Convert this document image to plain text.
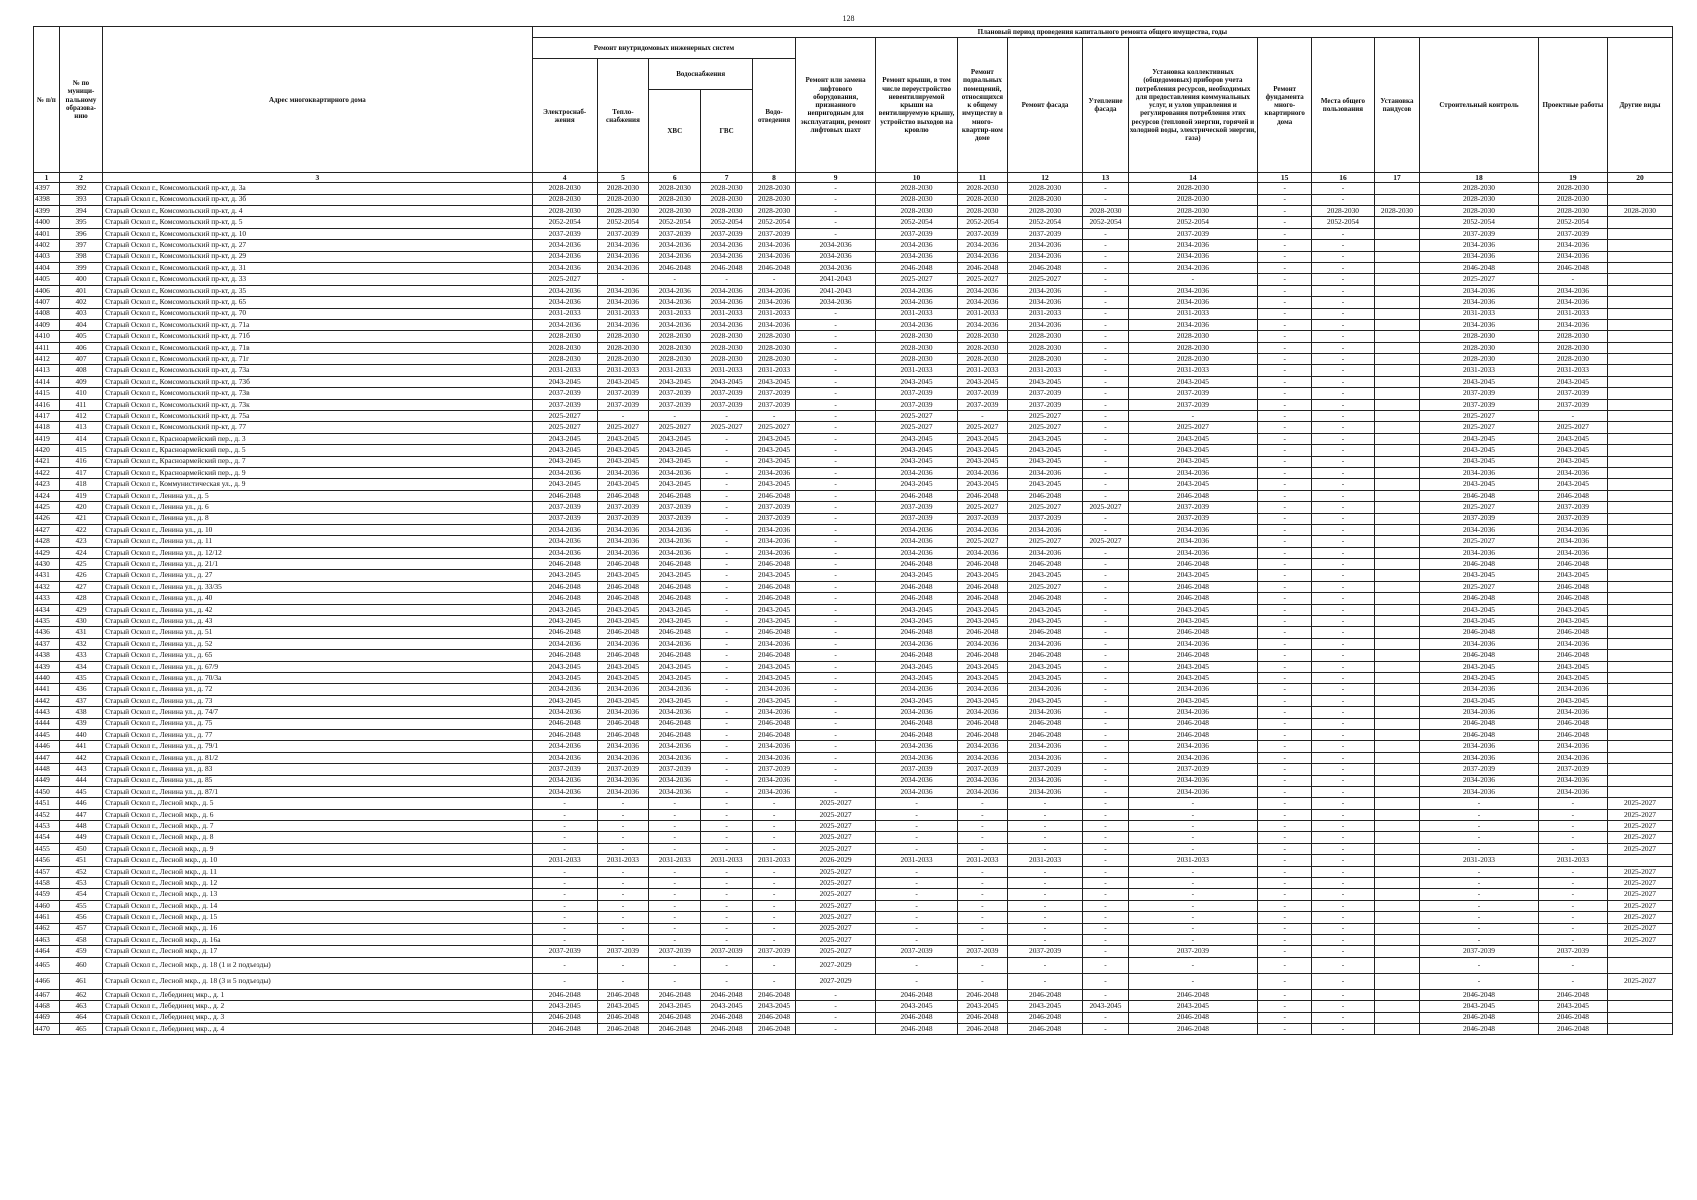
128
№ п/п	№ по муници-пальному образова-нию	Адрес многоквартирного дома	Плановый период проведения капитального ремонта общего имущества, годы																
			Ремонт внутридомовых инженерных систем					Ремонт или замена лифтового оборудования, признанного непригодным для эксплуатации, ремонт лифтовых шахт	Ремонт крыши, в том числе переустройство невентилируемой крыши на вентилируемую крышу, устройство выходов на кровлю	Ремонт подвальных помещений, относящихся к общему имуществу в много-квартир-ном доме	Ремонт фасада	Утепление фасада	Установка коллективных (общедомовых) приборов учета потребления ресурсов, необходимых для предоставления коммунальных услуг, и узлов управления и регулирования потребления этих ресурсов (тепловой энергии, горячей и холодной воды, электрической энергии, газа)	Ремонт фундамента много-квартирного дома	Места общего пользования	Установка пандусов	Строительный контроль	Проектные работы	Другие виды
			Электроснаб-жения	Тепло-снабжения	Водоснабжения		Водо-отведения												
					ХВС	ГВС													
1	2	3	4	5	6	7	8	9	10	11	12	13	14	15	16	17	18	19	20
4397	392	Старый Оскол г., Комсомольский пр-кт, д. 3а	2028-2030	2028-2030	2028-2030	2028-2030	2028-2030	-	2028-2030	2028-2030	2028-2030	-	2028-2030	-	-		2028-2030	2028-2030	
4398	393	Старый Оскол г., Комсомольский пр-кт, д. 3б	2028-2030	2028-2030	2028-2030	2028-2030	2028-2030	-	2028-2030	2028-2030	2028-2030	-	2028-2030	-	-		2028-2030	2028-2030	
4399	394	Старый Оскол г., Комсомольский пр-кт, д. 4	2028-2030	2028-2030	2028-2030	2028-2030	2028-2030	-	2028-2030	2028-2030	2028-2030	2028-2030	2028-2030	-	2028-2030	2028-2030	2028-2030	2028-2030	2028-2030
4400	395	Старый Оскол г., Комсомольский пр-кт, д. 5	2052-2054	2052-2054	2052-2054	2052-2054	2052-2054	-	2052-2054	2052-2054	2052-2054	2052-2054	2052-2054	-	2052-2054		2052-2054	2052-2054	
4401	396	Старый Оскол г., Комсомольский пр-кт, д. 10	2037-2039	2037-2039	2037-2039	2037-2039	2037-2039	-	2037-2039	2037-2039	2037-2039	-	2037-2039	-	-		2037-2039	2037-2039	
4402	397	Старый Оскол г., Комсомольский пр-кт, д. 27	2034-2036	2034-2036	2034-2036	2034-2036	2034-2036	2034-2036	2034-2036	2034-2036	2034-2036	-	2034-2036	-	-		2034-2036	2034-2036	
4403	398	Старый Оскол г., Комсомольский пр-кт, д. 29	2034-2036	2034-2036	2034-2036	2034-2036	2034-2036	2034-2036	2034-2036	2034-2036	2034-2036	-	2034-2036	-	-		2034-2036	2034-2036	
4404	399	Старый Оскол г., Комсомольский пр-кт, д. 31	2034-2036	2034-2036	2046-2048	2046-2048	2046-2048	2034-2036	2046-2048	2046-2048	2046-2048	-	2034-2036	-	-		2046-2048	2046-2048	
4405	400	Старый Оскол г., Комсомольский пр-кт, д. 33	2025-2027	-	-	-	-	2041-2043	2025-2027	2025-2027	2025-2027	-	-	-	-		2025-2027	-	
4406	401	Старый Оскол г., Комсомольский пр-кт, д. 35	2034-2036	2034-2036	2034-2036	2034-2036	2034-2036	2041-2043	2034-2036	2034-2036	2034-2036	-	2034-2036	-	-		2034-2036	2034-2036	
4407	402	Старый Оскол г., Комсомольский пр-кт, д. 65	2034-2036	2034-2036	2034-2036	2034-2036	2034-2036	2034-2036	2034-2036	2034-2036	2034-2036	-	2034-2036	-	-		2034-2036	2034-2036	
4408	403	Старый Оскол г., Комсомольский пр-кт, д. 70	2031-2033	2031-2033	2031-2033	2031-2033	2031-2033	-	2031-2033	2031-2033	2031-2033	-	2031-2033	-	-		2031-2033	2031-2033	
4409	404	Старый Оскол г., Комсомольский пр-кт, д. 71а	2034-2036	2034-2036	2034-2036	2034-2036	2034-2036	-	2034-2036	2034-2036	2034-2036	-	2034-2036	-	-		2034-2036	2034-2036	
4410	405	Старый Оскол г., Комсомольский пр-кт, д. 71б	2028-2030	2028-2030	2028-2030	2028-2030	2028-2030	-	2028-2030	2028-2030	2028-2030	-	2028-2030	-	-		2028-2030	2028-2030	
4411	406	Старый Оскол г., Комсомольский пр-кт, д. 71в	2028-2030	2028-2030	2028-2030	2028-2030	2028-2030	-	2028-2030	2028-2030	2028-2030	-	2028-2030	-	-		2028-2030	2028-2030	
4412	407	Старый Оскол г., Комсомольский пр-кт, д. 71г	2028-2030	2028-2030	2028-2030	2028-2030	2028-2030	-	2028-2030	2028-2030	2028-2030	-	2028-2030	-	-		2028-2030	2028-2030	
4413	408	Старый Оскол г., Комсомольский пр-кт, д. 73а	2031-2033	2031-2033	2031-2033	2031-2033	2031-2033	-	2031-2033	2031-2033	2031-2033	-	2031-2033	-	-		2031-2033	2031-2033	
4414	409	Старый Оскол г., Комсомольский пр-кт, д. 73б	2043-2045	2043-2045	2043-2045	2043-2045	2043-2045	-	2043-2045	2043-2045	2043-2045	-	2043-2045	-	-		2043-2045	2043-2045	
4415	410	Старый Оскол г., Комсомольский пр-кт, д. 73в	2037-2039	2037-2039	2037-2039	2037-2039	2037-2039	-	2037-2039	2037-2039	2037-2039	-	2037-2039	-	-		2037-2039	2037-2039	
4416	411	Старый Оскол г., Комсомольский пр-кт, д. 73к	2037-2039	2037-2039	2037-2039	2037-2039	2037-2039	-	2037-2039	2037-2039	2037-2039	-	2037-2039	-	-		2037-2039	2037-2039	
4417	412	Старый Оскол г., Комсомольский пр-кт, д. 75а	2025-2027	-	-	-	-	-	2025-2027	-	2025-2027	-	-	-	-		2025-2027	-	
4418	413	Старый Оскол г., Комсомольский пр-кт, д. 77	2025-2027	2025-2027	2025-2027	2025-2027	2025-2027	-	2025-2027	2025-2027	2025-2027	-	2025-2027	-	-		2025-2027	2025-2027	
4419	414	Старый Оскол г., Красноармейский пер., д. 3	2043-2045	2043-2045	2043-2045	-	2043-2045	-	2043-2045	2043-2045	2043-2045	-	2043-2045	-	-		2043-2045	2043-2045	
4420	415	Старый Оскол г., Красноармейский пер., д. 5	2043-2045	2043-2045	2043-2045	-	2043-2045	-	2043-2045	2043-2045	2043-2045	-	2043-2045	-	-		2043-2045	2043-2045	
4421	416	Старый Оскол г., Красноармейский пер., д. 7	2043-2045	2043-2045	2043-2045	-	2043-2045	-	2043-2045	2043-2045	2043-2045	-	2043-2045	-	-		2043-2045	2043-2045	
4422	417	Старый Оскол г., Красноармейский пер., д. 9	2034-2036	2034-2036	2034-2036	-	2034-2036	-	2034-2036	2034-2036	2034-2036	-	2034-2036	-	-		2034-2036	2034-2036	
4423	418	Старый Оскол г., Коммунистическая ул., д. 9	2043-2045	2043-2045	2043-2045	-	2043-2045	-	2043-2045	2043-2045	2043-2045	-	2043-2045	-	-		2043-2045	2043-2045	
4424	419	Старый Оскол г., Ленина ул., д. 5	2046-2048	2046-2048	2046-2048	-	2046-2048	-	2046-2048	2046-2048	2046-2048	-	2046-2048	-	-		2046-2048	2046-2048	
4425	420	Старый Оскол г., Ленина ул., д. 6	2037-2039	2037-2039	2037-2039	-	2037-2039	-	2037-2039	2025-2027	2025-2027	2025-2027	2037-2039	-	-		2025-2027	2037-2039	
4426	421	Старый Оскол г., Ленина ул., д. 8	2037-2039	2037-2039	2037-2039	-	2037-2039	-	2037-2039	2037-2039	2037-2039	-	2037-2039	-	-		2037-2039	2037-2039	
4427	422	Старый Оскол г., Ленина ул., д. 10	2034-2036	2034-2036	2034-2036	-	2034-2036	-	2034-2036	2034-2036	2034-2036	-	2034-2036	-	-		2034-2036	2034-2036	
4428	423	Старый Оскол г., Ленина ул., д. 11	2034-2036	2034-2036	2034-2036	-	2034-2036	-	2034-2036	2025-2027	2025-2027	2025-2027	2034-2036	-	-		2025-2027	2034-2036	
4429	424	Старый Оскол г., Ленина ул., д. 12/12	2034-2036	2034-2036	2034-2036	-	2034-2036	-	2034-2036	2034-2036	2034-2036	-	2034-2036	-	-		2034-2036	2034-2036	
4430	425	Старый Оскол г., Ленина ул., д. 21/1	2046-2048	2046-2048	2046-2048	-	2046-2048	-	2046-2048	2046-2048	2046-2048	-	2046-2048	-	-		2046-2048	2046-2048	
4431	426	Старый Оскол г., Ленина ул., д. 27	2043-2045	2043-2045	2043-2045	-	2043-2045	-	2043-2045	2043-2045	2043-2045	-	2043-2045	-	-		2043-2045	2043-2045	
4432	427	Старый Оскол г., Ленина ул., д. 33/35	2046-2048	2046-2048	2046-2048	-	2046-2048	-	2046-2048	2046-2048	2025-2027	-	2046-2048	-	-		2025-2027	2046-2048	
4433	428	Старый Оскол г., Ленина ул., д. 40	2046-2048	2046-2048	2046-2048	-	2046-2048	-	2046-2048	2046-2048	2046-2048	-	2046-2048	-	-		2046-2048	2046-2048	
4434	429	Старый Оскол г., Ленина ул., д. 42	2043-2045	2043-2045	2043-2045	-	2043-2045	-	2043-2045	2043-2045	2043-2045	-	2043-2045	-	-		2043-2045	2043-2045	
4435	430	Старый Оскол г., Ленина ул., д. 43	2043-2045	2043-2045	2043-2045	-	2043-2045	-	2043-2045	2043-2045	2043-2045	-	2043-2045	-	-		2043-2045	2043-2045	
4436	431	Старый Оскол г., Ленина ул., д. 51	2046-2048	2046-2048	2046-2048	-	2046-2048	-	2046-2048	2046-2048	2046-2048	-	2046-2048	-	-		2046-2048	2046-2048	
4437	432	Старый Оскол г., Ленина ул., д. 52	2034-2036	2034-2036	2034-2036	-	2034-2036	-	2034-2036	2034-2036	2034-2036	-	2034-2036	-	-		2034-2036	2034-2036	
4438	433	Старый Оскол г., Ленина ул., д. 65	2046-2048	2046-2048	2046-2048	-	2046-2048	-	2046-2048	2046-2048	2046-2048	-	2046-2048	-	-		2046-2048	2046-2048	
4439	434	Старый Оскол г., Ленина ул., д. 67/9	2043-2045	2043-2045	2043-2045	-	2043-2045	-	2043-2045	2043-2045	2043-2045	-	2043-2045	-	-		2043-2045	2043-2045	
4440	435	Старый Оскол г., Ленина ул., д. 70/3а	2043-2045	2043-2045	2043-2045	-	2043-2045	-	2043-2045	2043-2045	2043-2045	-	2043-2045	-	-		2043-2045	2043-2045	
4441	436	Старый Оскол г., Ленина ул., д. 72	2034-2036	2034-2036	2034-2036	-	2034-2036	-	2034-2036	2034-2036	2034-2036	-	2034-2036	-	-		2034-2036	2034-2036	
4442	437	Старый Оскол г., Ленина ул., д. 73	2043-2045	2043-2045	2043-2045	-	2043-2045	-	2043-2045	2043-2045	2043-2045	-	2043-2045	-	-		2043-2045	2043-2045	
4443	438	Старый Оскол г., Ленина ул., д. 74/7	2034-2036	2034-2036	2034-2036	-	2034-2036	-	2034-2036	2034-2036	2034-2036	-	2034-2036	-	-		2034-2036	2034-2036	
4444	439	Старый Оскол г., Ленина ул., д. 75	2046-2048	2046-2048	2046-2048	-	2046-2048	-	2046-2048	2046-2048	2046-2048	-	2046-2048	-	-		2046-2048	2046-2048	
4445	440	Старый Оскол г., Ленина ул., д. 77	2046-2048	2046-2048	2046-2048	-	2046-2048	-	2046-2048	2046-2048	2046-2048	-	2046-2048	-	-		2046-2048	2046-2048	
4446	441	Старый Оскол г., Ленина ул., д. 79/1	2034-2036	2034-2036	2034-2036	-	2034-2036	-	2034-2036	2034-2036	2034-2036	-	2034-2036	-	-		2034-2036	2034-2036	
4447	442	Старый Оскол г., Ленина ул., д. 81/2	2034-2036	2034-2036	2034-2036	-	2034-2036	-	2034-2036	2034-2036	2034-2036	-	2034-2036	-	-		2034-2036	2034-2036	
4448	443	Старый Оскол г., Ленина ул., д. 83	2037-2039	2037-2039	2037-2039	-	2037-2039	-	2037-2039	2037-2039	2037-2039	-	2037-2039	-	-		2037-2039	2037-2039	
4449	444	Старый Оскол г., Ленина ул., д. 85	2034-2036	2034-2036	2034-2036	-	2034-2036	-	2034-2036	2034-2036	2034-2036	-	2034-2036	-	-		2034-2036	2034-2036	
4450	445	Старый Оскол г., Ленина ул., д. 87/1	2034-2036	2034-2036	2034-2036	-	2034-2036	-	2034-2036	2034-2036	2034-2036	-	2034-2036	-	-		2034-2036	2034-2036	
4451	446	Старый Оскол г., Лесной мкр., д. 5	-	-	-	-	-	2025-2027	-	-	-	-	-	-	-		-	-	2025-2027
4452	447	Старый Оскол г., Лесной мкр., д. 6	-	-	-	-	-	2025-2027	-	-	-	-	-	-	-		-	-	2025-2027
4453	448	Старый Оскол г., Лесной мкр., д. 7	-	-	-	-	-	2025-2027	-	-	-	-	-	-	-		-	-	2025-2027
4454	449	Старый Оскол г., Лесной мкр., д. 8	-	-	-	-	-	2025-2027	-	-	-	-	-	-	-		-	-	2025-2027
4455	450	Старый Оскол г., Лесной мкр., д. 9	-	-	-	-	-	2025-2027	-	-	-	-	-	-	-		-	-	2025-2027
4456	451	Старый Оскол г., Лесной мкр., д. 10	2031-2033	2031-2033	2031-2033	2031-2033	2031-2033	2026-2029	2031-2033	2031-2033	2031-2033	-	2031-2033	-	-		2031-2033	2031-2033	
4457	452	Старый Оскол г., Лесной мкр., д. 11	-	-	-	-	-	2025-2027	-	-	-	-	-	-	-		-	-	2025-2027
4458	453	Старый Оскол г., Лесной мкр., д. 12	-	-	-	-	-	2025-2027	-	-	-	-	-	-	-		-	-	2025-2027
4459	454	Старый Оскол г., Лесной мкр., д. 13	-	-	-	-	-	2025-2027	-	-	-	-	-	-	-		-	-	2025-2027
4460	455	Старый Оскол г., Лесной мкр., д. 14	-	-	-	-	-	2025-2027	-	-	-	-	-	-	-		-	-	2025-2027
4461	456	Старый Оскол г., Лесной мкр., д. 15	-	-	-	-	-	2025-2027	-	-	-	-	-	-	-		-	-	2025-2027
4462	457	Старый Оскол г., Лесной мкр., д. 16	-	-	-	-	-	2025-2027	-	-	-	-	-	-	-		-	-	2025-2027
4463	458	Старый Оскол г., Лесной мкр., д. 16а	-	-	-	-	-	2025-2027	-	-	-	-	-	-	-		-	-	2025-2027
4464	459	Старый Оскол г., Лесной мкр., д. 17	2037-2039	2037-2039	2037-2039	2037-2039	2037-2039	2025-2027	2037-2039	2037-2039	2037-2039	-	2037-2039	-	-		2037-2039	2037-2039	
4465	460	Старый Оскол г., Лесной мкр., д. 18 (1 и 2 подъезды)	-	-	-	-	-	2027-2029	-	-	-	-	-	-	-		-	-	
4466	461	Старый Оскол г., Лесной мкр., д. 18 (3 и 5 подъезды)	-	-	-	-	-	2027-2029	-	-	-	-	-	-	-		-	-	2025-2027
4467	462	Старый Оскол г., Лебединец мкр., д. 1	2046-2048	2046-2048	2046-2048	2046-2048	2046-2048	-	2046-2048	2046-2048	2046-2048	-	2046-2048	-	-		2046-2048	2046-2048	
4468	463	Старый Оскол г., Лебединец мкр., д. 2	2043-2045	2043-2045	2043-2045	2043-2045	2043-2045	-	2043-2045	2043-2045	2043-2045	2043-2045	2043-2045	-	-		2043-2045	2043-2045	
4469	464	Старый Оскол г., Лебединец мкр., д. 3	2046-2048	2046-2048	2046-2048	2046-2048	2046-2048	-	2046-2048	2046-2048	2046-2048	-	2046-2048	-	-		2046-2048	2046-2048	
4470	465	Старый Оскол г., Лебединец мкр., д. 4	2046-2048	2046-2048	2046-2048	2046-2048	2046-2048	-	2046-2048	2046-2048	2046-2048	-	2046-2048	-	-		2046-2048	2046-2048	
